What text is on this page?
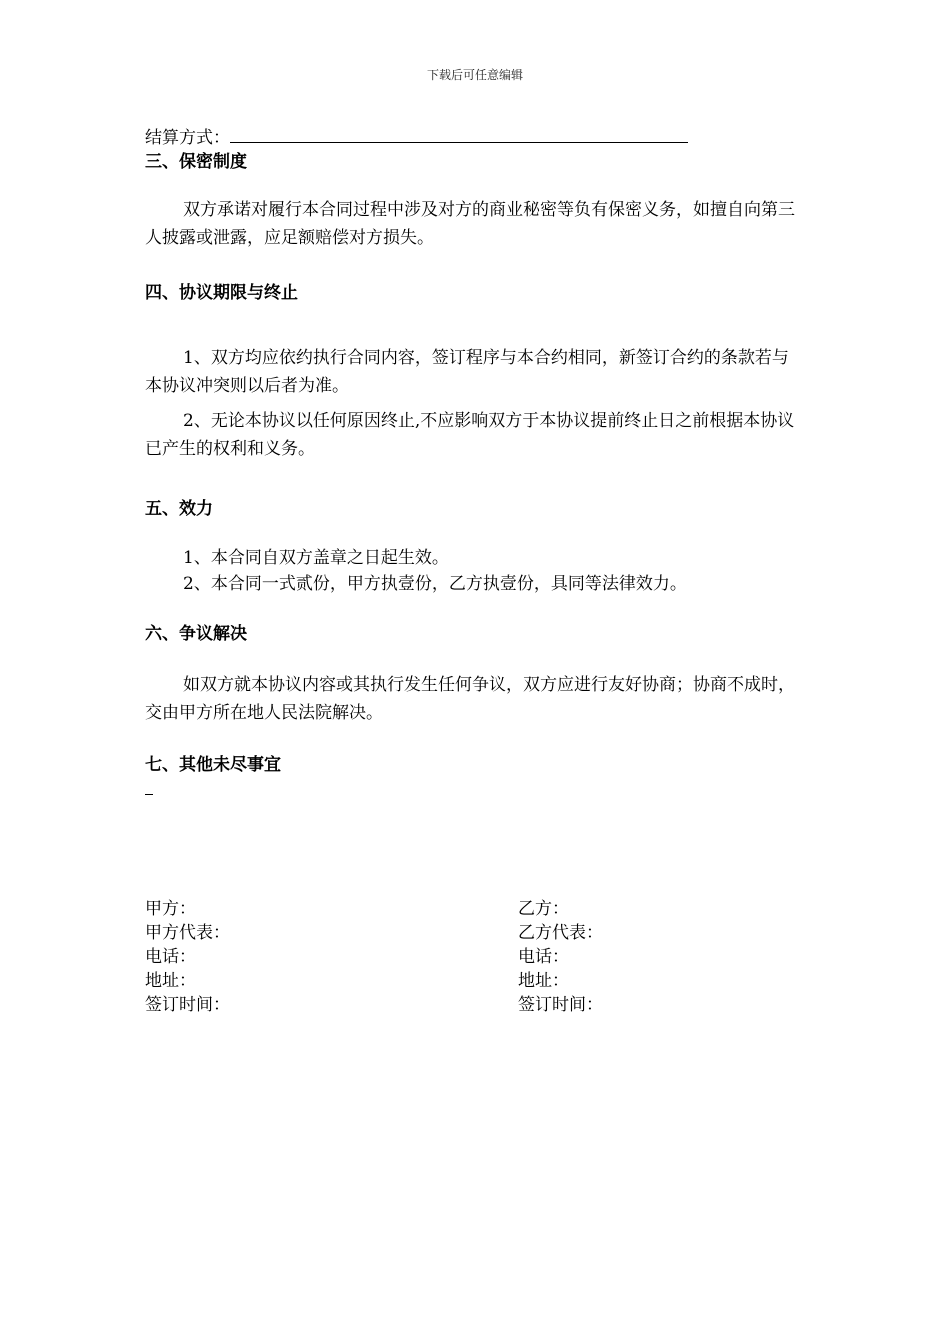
下载后可任意编辑
结算方式：
三、保密制度
双方承诺对履行本合同过程中涉及对方的商业秘密等负有保密义务，如擅自向第三人披露或泄露，应足额赔偿对方损失。
四、协议期限与终止
1、双方均应依约执行合同内容，签订程序与本合约相同，新签订合约的条款若与本协议冲突则以后者为准。
2、无论本协议以任何原因终止,不应影响双方于本协议提前终止日之前根据本协议已产生的权利和义务。
五、效力
1、本合同自双方盖章之日起生效。
2、本合同一式贰份，甲方执壹份，乙方执壹份，具同等法律效力。
六、争议解决
如双方就本协议内容或其执行发生任何争议，双方应进行友好协商；协商不成时，交由甲方所在地人民法院解决。
七、其他未尽事宜

甲方：

甲方代表：

电话：

地址：

签订时间：

乙方：

乙方代表：

电话：

地址：

签订时间：
